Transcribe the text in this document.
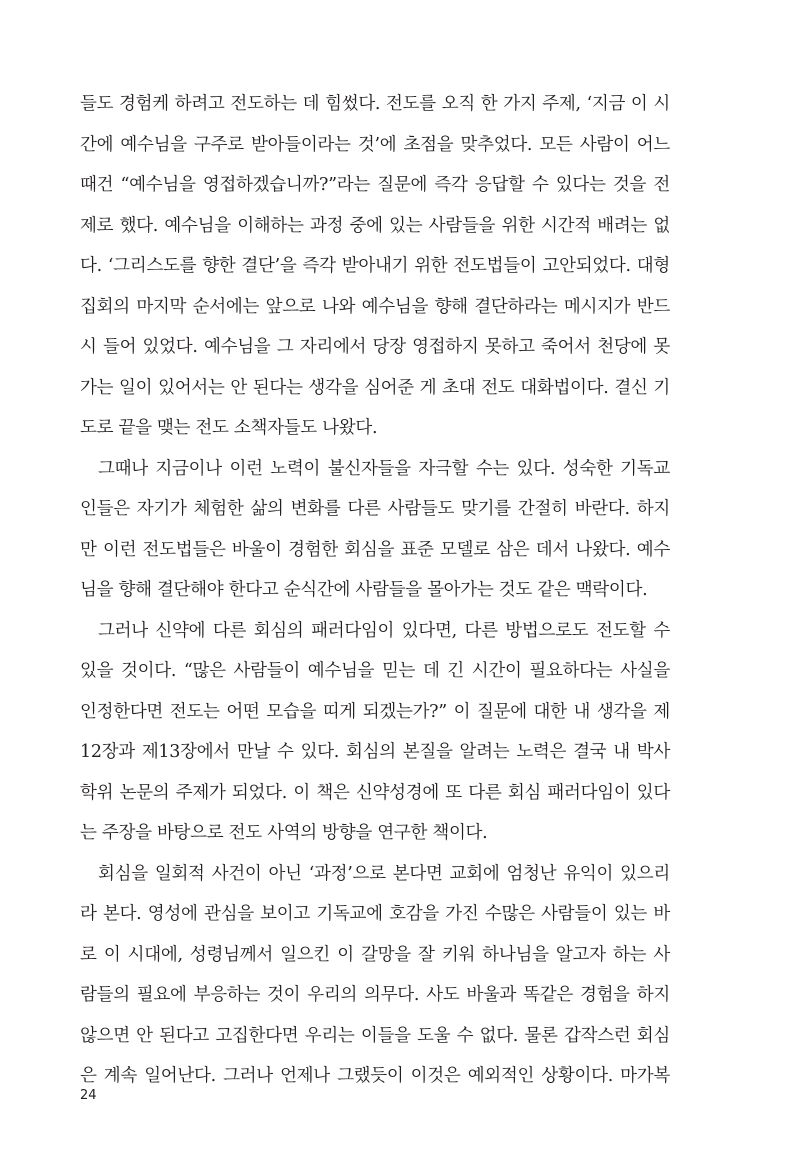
들도 경험케 하려고 전도하는 데 힘썼다. 전도를 오직 한 가지 주제, ‘지금 이 시
간에 예수님을 구주로 받아들이라는 것’에 초점을 맞추었다. 모든 사람이 어느
때건 “예수님을 영접하겠습니까?”라는 질문에 즉각 응답할 수 있다는 것을 전
제로 했다. 예수님을 이해하는 과정 중에 있는 사람들을 위한 시간적 배려는 없
다. ‘그리스도를 향한 결단’을 즉각 받아내기 위한 전도법들이 고안되었다. 대형
집회의 마지막 순서에는 앞으로 나와 예수님을 향해 결단하라는 메시지가 반드
시 들어 있었다. 예수님을 그 자리에서 당장 영접하지 못하고 죽어서 천당에 못
가는 일이 있어서는 안 된다는 생각을 심어준 게 초대 전도 대화법이다. 결신 기
도로 끝을 맺는 전도 소책자들도 나왔다.
그때나 지금이나 이런 노력이 불신자들을 자극할 수는 있다. 성숙한 기독교
인들은 자기가 체험한 삶의 변화를 다른 사람들도 맞기를 간절히 바란다. 하지
만 이런 전도법들은 바울이 경험한 회심을 표준 모델로 삼은 데서 나왔다. 예수
님을 향해 결단해야 한다고 순식간에 사람들을 몰아가는 것도 같은 맥락이다.
그러나 신약에 다른 회심의 패러다임이 있다면, 다른 방법으로도 전도할 수
있을 것이다. “많은 사람들이 예수님을 믿는 데 긴 시간이 필요하다는 사실을
인정한다면 전도는 어떤 모습을 띠게 되겠는가?” 이 질문에 대한 내 생각을 제
12장과 제13장에서 만날 수 있다. 회심의 본질을 알려는 노력은 결국 내 박사
학위 논문의 주제가 되었다. 이 책은 신약성경에 또 다른 회심 패러다임이 있다
는 주장을 바탕으로 전도 사역의 방향을 연구한 책이다.
회심을 일회적 사건이 아닌 ‘과정’으로 본다면 교회에 엄청난 유익이 있으리
라 본다. 영성에 관심을 보이고 기독교에 호감을 가진 수많은 사람들이 있는 바
로 이 시대에, 성령님께서 일으킨 이 갈망을 잘 키워 하나님을 알고자 하는 사
람들의 필요에 부응하는 것이 우리의 의무다. 사도 바울과 똑같은 경험을 하지
않으면 안 된다고 고집한다면 우리는 이들을 도울 수 없다. 물론 갑작스런 회심
은 계속 일어난다. 그러나 언제나 그랬듯이 이것은 예외적인 상황이다. 마가복
24
